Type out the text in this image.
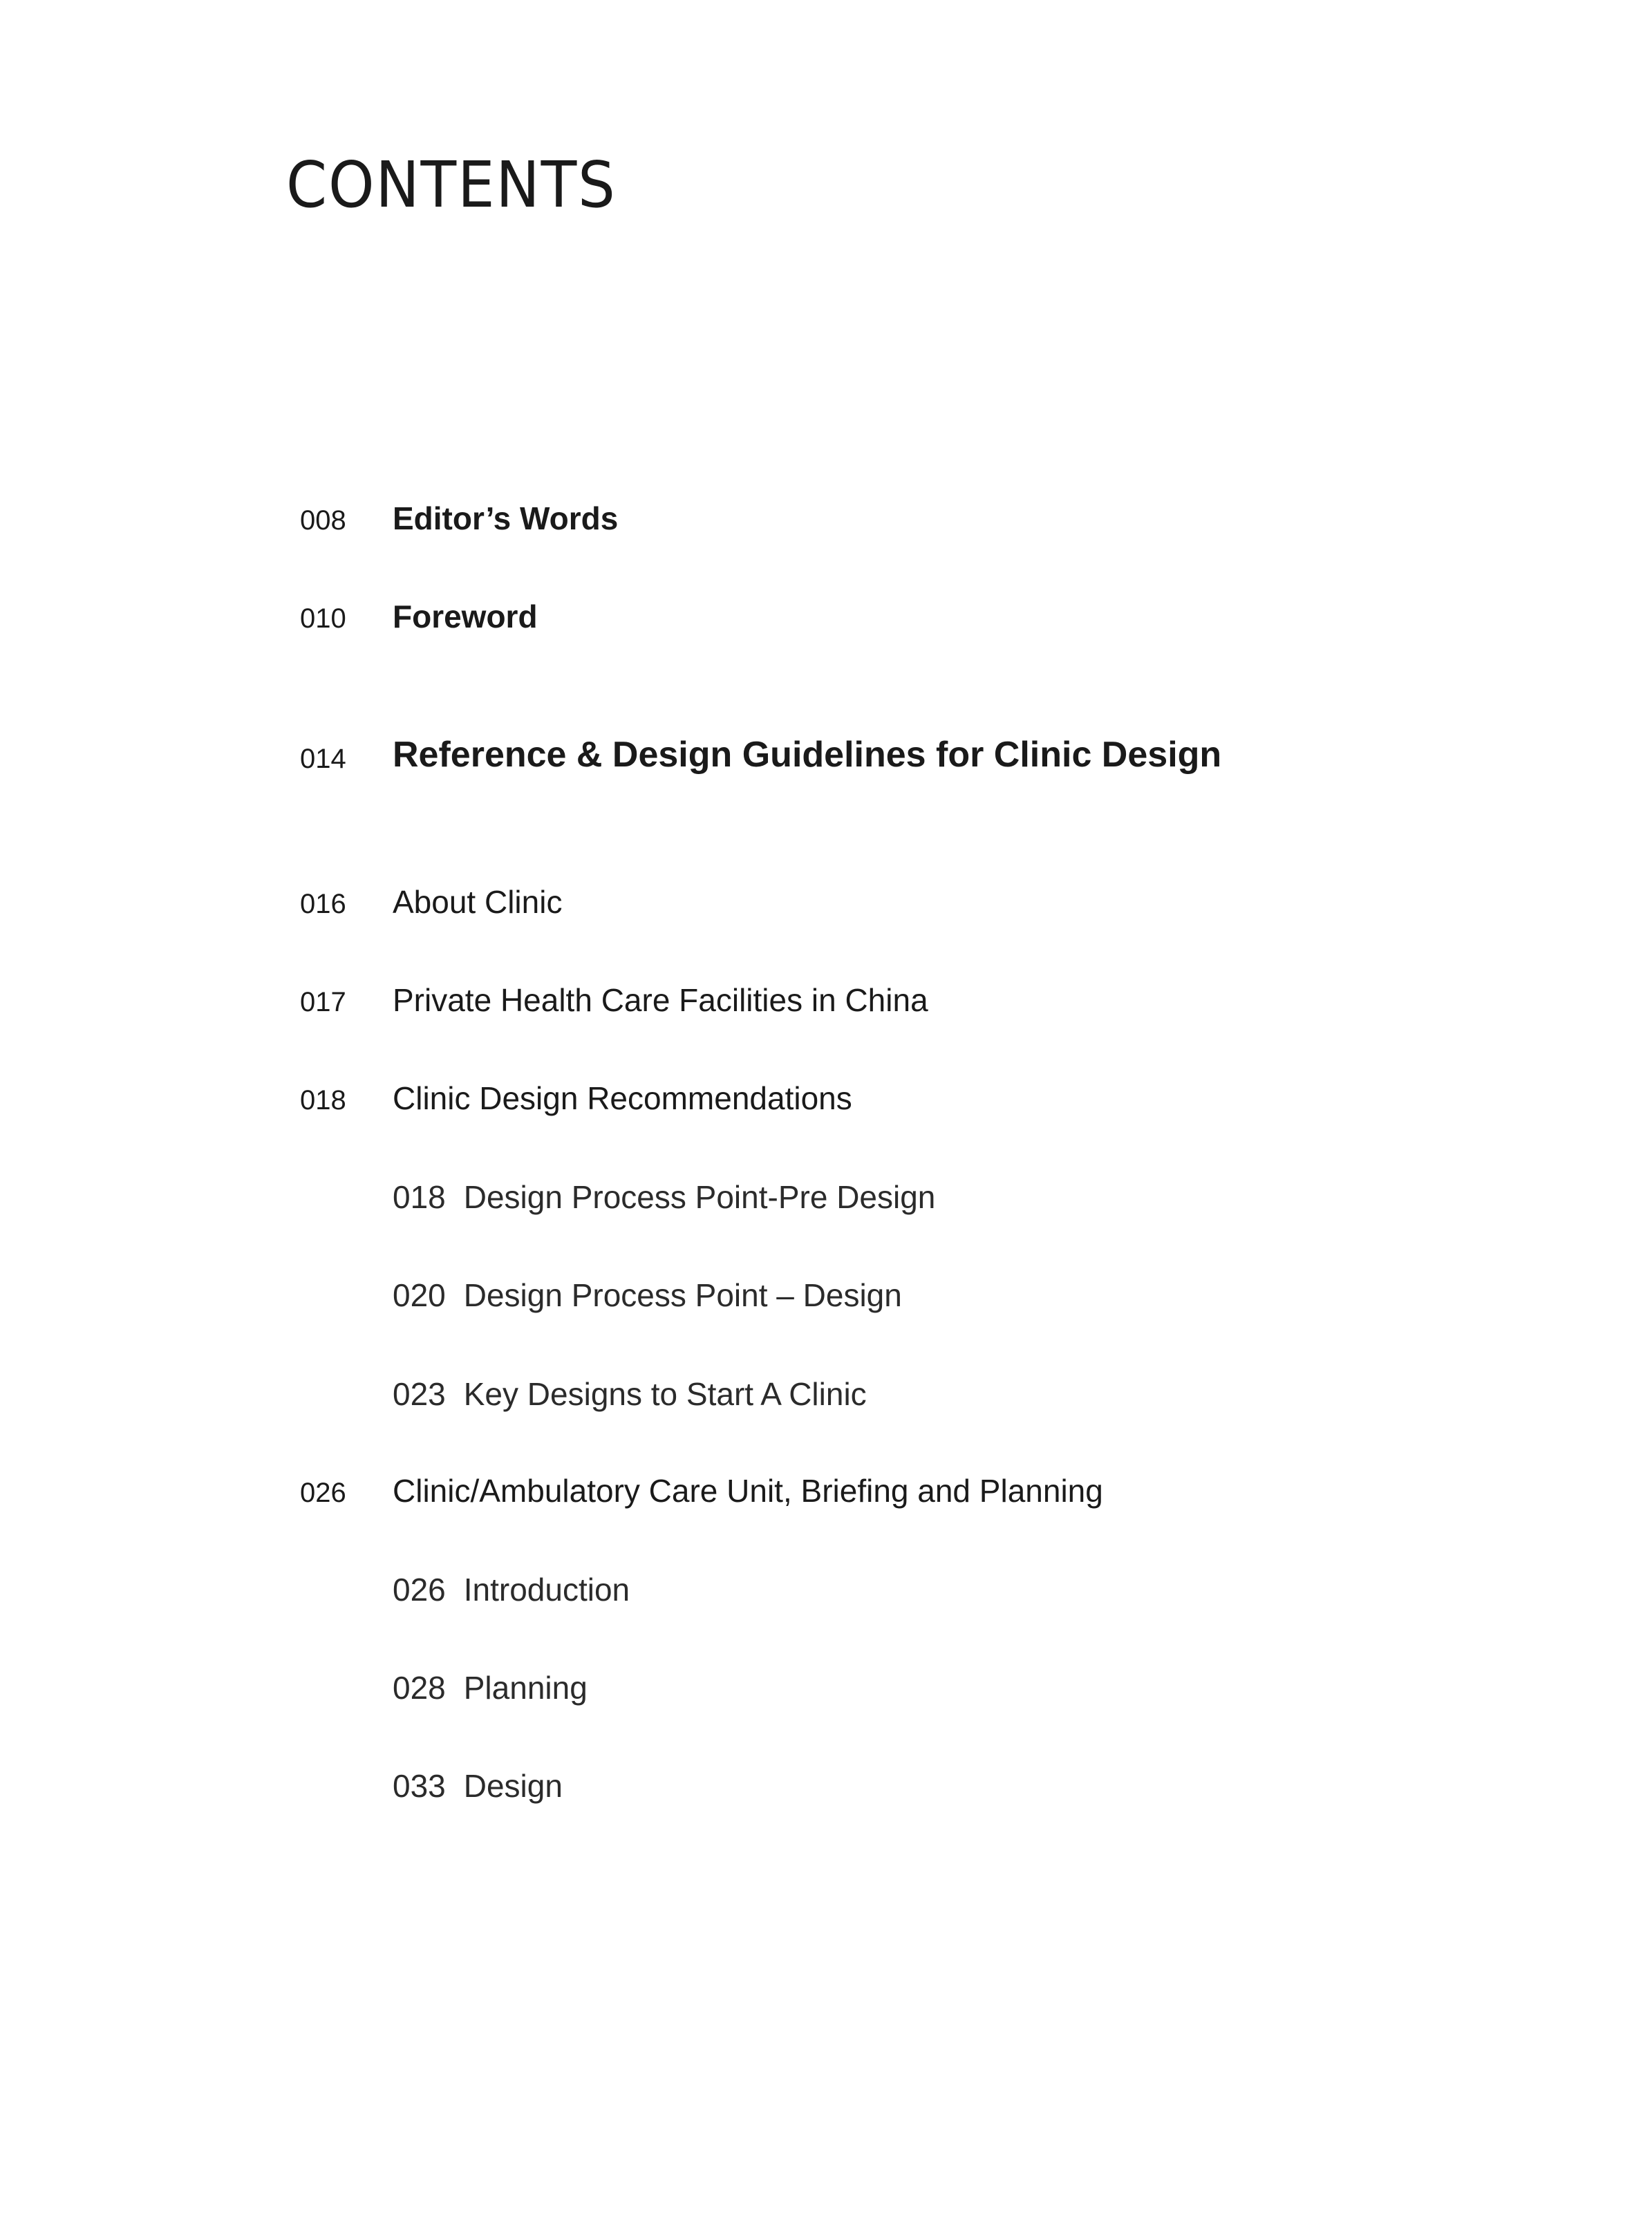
CONTENTS
008 Editor’s Words
010 Foreword
014 Reference & Design Guidelines for Clinic Design
016 About Clinic
017 Private Health Care Facilities in China
018 Clinic Design Recommendations
018 Design Process Point-Pre Design
020 Design Process Point – Design
023 Key Designs to Start A Clinic
026 Clinic/Ambulatory Care Unit, Briefing and Planning
026 Introduction
028 Planning
033 Design
